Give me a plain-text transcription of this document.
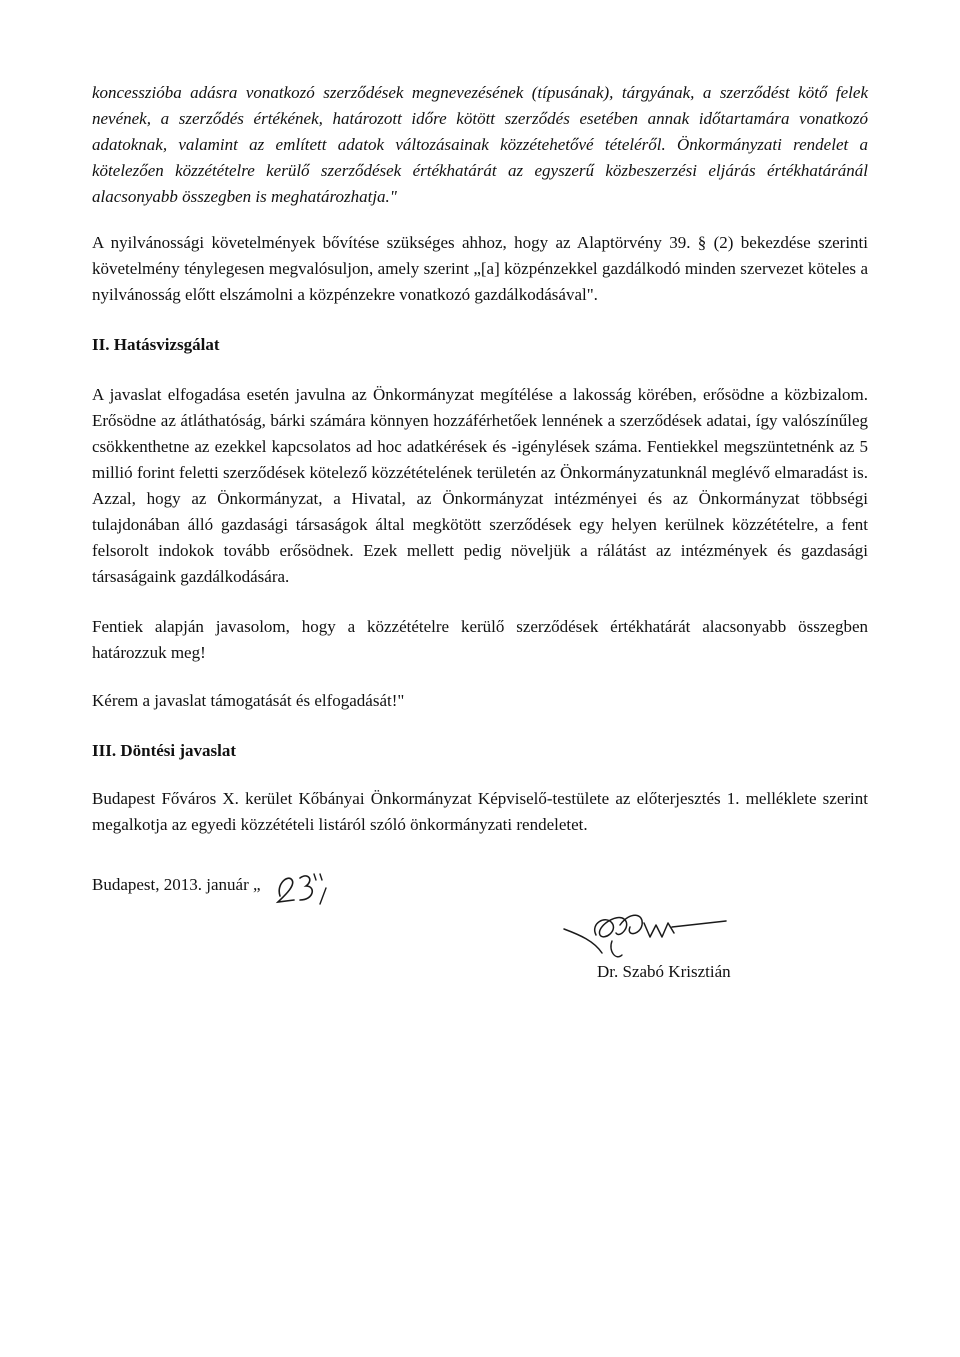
koncesszióba adásra vonatkozó szerződések megnevezésének (típusának), tárgyának, a szerződést kötő felek nevének, a szerződés értékének, határozott időre kötött szerződés esetében annak időtartamára vonatkozó adatoknak, valamint az említett adatok változásainak közzétehetővé tételéről. Önkormányzati rendelet a kötelezően közzétételre kerülő szerződések értékhatárát az egyszerű közbeszerzési eljárás értékhatáránál alacsonyabb összegben is meghatározhatja."

A nyilvánossági követelmények bővítése szükséges ahhoz, hogy az Alaptörvény 39. § (2) bekezdése szerinti követelmény ténylegesen megvalósuljon, amely szerint „[a] közpénzekkel gazdálkodó minden szervezet köteles a nyilvánosság előtt elszámolni a közpénzekre vonatkozó gazdálkodásával".

II. Hatásvizsgálat

A javaslat elfogadása esetén javulna az Önkormányzat megítélése a lakosság körében, erősödne a közbizalom. Erősödne az átláthatóság, bárki számára könnyen hozzáférhetőek lennének a szerződések adatai, így valószínűleg csökkenthetne az ezekkel kapcsolatos ad hoc adatkérések és -igénylések száma. Fentiekkel megszüntetnénk az 5 millió forint feletti szerződések kötelező közzétételének területén az Önkormányzatunknál meglévő elmaradást is. Azzal, hogy az Önkormányzat, a Hivatal, az Önkormányzat intézményei és az Önkormányzat többségi tulajdonában álló gazdasági társaságok által megkötött szerződések egy helyen kerülnek közzétételre, a fent felsorolt indokok tovább erősödnek. Ezek mellett pedig növeljük a rálátást az intézmények és gazdasági társaságaink gazdálkodására.

Fentiek alapján javasolom, hogy a közzétételre kerülő szerződések értékhatárát alacsonyabb összegben határozzuk meg!

Kérem a javaslat támogatását és elfogadását!"

III. Döntési javaslat

Budapest Főváros X. kerület Kőbányai Önkormányzat Képviselő-testülete az előterjesztés 1. melléklete szerint megalkotja az egyedi közzétételi listáról szóló önkormányzati rendeletet.

Budapest, 2013. január „
Dr. Szabó Krisztián
